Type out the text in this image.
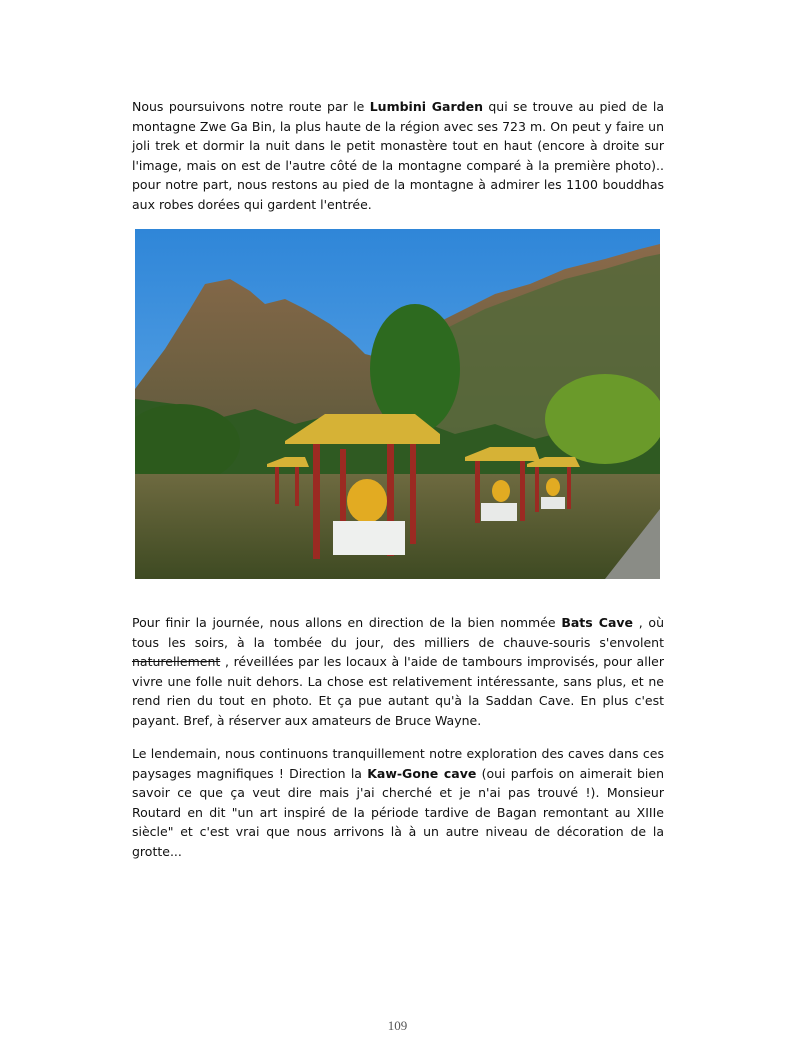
Nous poursuivons notre route par le Lumbini Garden qui se trouve au pied de la montagne Zwe Ga Bin, la plus haute de la région avec ses 723 m. On peut y faire un joli trek et dormir la nuit dans le petit monastère tout en haut (encore à droite sur l'image, mais on est de l'autre côté de la montagne comparé à la première photo).. pour notre part, nous restons au pied de la montagne à admirer les 1100 bouddhas aux robes dorées qui gardent l'entrée.
Pour finir la journée, nous allons en direction de la bien nommée Bats Cave , où tous les soirs, à la tombée du jour, des milliers de chauve-souris s'envolent naturellement , réveillées par les locaux à l'aide de tambours improvisés, pour aller vivre une folle nuit dehors. La chose est relativement intéressante, sans plus, et ne rend rien du tout en photo. Et ça pue autant qu'à la Saddan Cave. En plus c'est payant. Bref, à réserver aux amateurs de Bruce Wayne.
Le lendemain, nous continuons tranquillement notre exploration des caves dans ces paysages magnifiques ! Direction la Kaw-Gone cave (oui parfois on aimerait bien savoir ce que ça veut dire mais j'ai cherché et je n'ai pas trouvé !). Monsieur Routard en dit "un art inspiré de la période tardive de Bagan remontant au XIIIe siècle" et c'est vrai que nous arrivons là à un autre niveau de décoration de la grotte...
109
